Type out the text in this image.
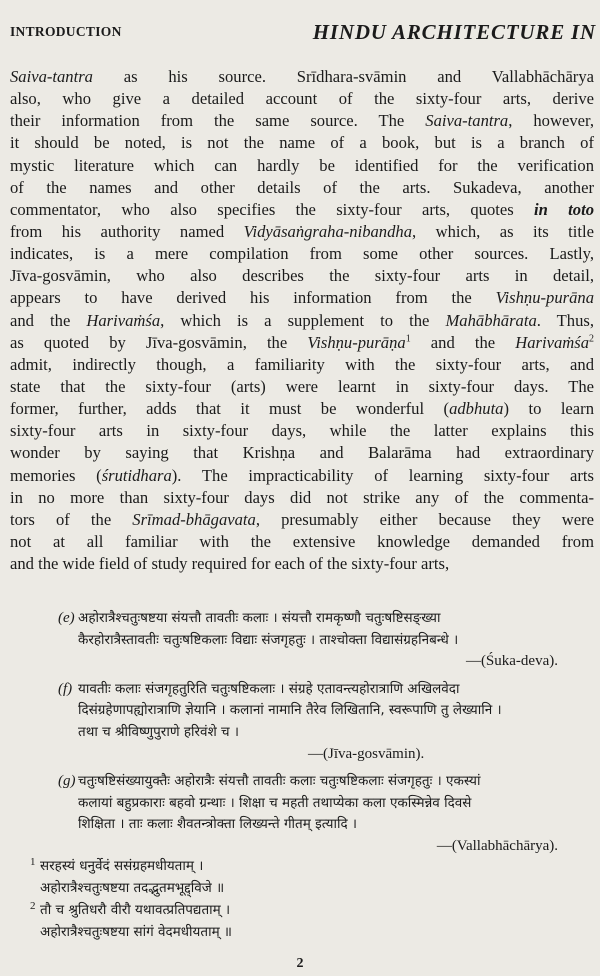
INTRODUCTION	HINDU ARCHITECTURE IN
Saiva-tantra as his source. Srīdhara-svāmin and Vallabhāchārya
also, who give a detailed account of the sixty-four arts, derive
their information from the same source. The Saiva-tantra, however,
it should be noted, is not the name of a book, but is a branch of
mystic literature which can hardly be identified for the verification
of the names and other details of the arts. Sukadeva, another
commentator, who also specifies the sixty-four arts, quotes in toto
from his authority named Vidyāsaṅgraha-nibandha, which, as its title
indicates, is a mere compilation from some other sources. Lastly,
Jīva-gosvāmin, who also describes the sixty-four arts in detail,
appears to have derived his information from the Vishṇu-purāna
and the Harivaṁśa, which is a supplement to the Mahābhārata. Thus,
as quoted by Jīva-gosvāmin, the Vishṇu-purāṇa$^1$ and the Harivaṁśa$^2$
admit, indirectly though, a familiarity with the sixty-four arts, and
state that the sixty-four (arts) were learnt in sixty-four days. The
former, further, adds that it must be wonderful (adbhuta) to learn
sixty-four arts in sixty-four days, while the latter explains this
wonder by saying that Krishṇa and Balarāma had extraordinary
memories (śrutidhara). The impracticability of learning sixty-four arts
in no more than sixty-four days did not strike any of the commenta-
tors of the Srīmad-bhāgavata, presumably either because they were
not at all familiar with the extensive knowledge demanded from
and the wide field of study required for each of the sixty-four arts,
(e) अहोरात्रैश्चतुःषष्टया संयत्तौ तावतीः कलाः । संयत्तौ रामकृष्णौ चतुःषष्टिसङ्ख्या
कैरहोरात्रैस्तावतीः चतुःषष्टिकलाः विद्याः संजगृहतुः । ताश्चोक्ता विद्यासंग्रहनिबन्धे ।
—(Śuka-deva).
(f) यावतीः कलाः संजगृहतुरिति चतुःषष्टिकलाः । संग्रहे एतावन्त्यहोरात्राणि अखिलवेदा
दिसंग्रहेणापह्योरात्राणि ज्ञेयानि । कलानां नामानि तैरेव लिखितानि, स्वरूपाणि तु लेख्यानि ।
तथा च श्रीविष्णुपुराणे हरिवंशे च ।
—(Jīva-gosvāmin).
(g) चतुःषष्टिसंख्यायुक्तैः अहोरात्रैः संयत्तौ तावतीः कलाः चतुःषष्टिकलाः संजगृहतुः । एकस्यां
कलायां बहुप्रकाराः बहवो ग्रन्थाः । शिक्षा च महती तथाप्येका कला एकस्मिन्नेव दिवसे
शिक्षिता । ताः कलाः शैवतन्त्रोक्ता लिख्यन्ते गीतम् इत्यादि ।
—(Vallabhāchārya).
1 सरहस्यं धनुर्वेदं ससंग्रहमधीयताम् ।
अहोरात्रैश्चतुःषष्टया तदद्भुतमभूद्द्विजे ॥
2 तौ च श्रुतिधरौ वीरौ यथावत्प्रतिपद्यताम् ।
अहोरात्रैश्चतुःषष्टया सांगं वेदमधीयताम् ॥
2
